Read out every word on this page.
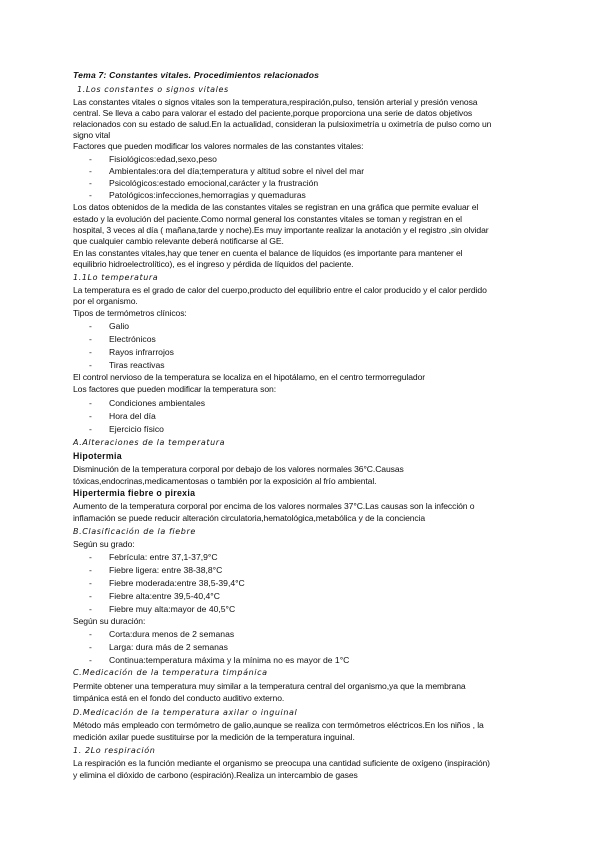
Tema 7: Constantes vitales. Procedimientos relacionados
1.Los constantes o signos vitales
Las constantes vitales o signos vitales son la temperatura,respiración,pulso, tensión arterial y presión venosa
central. Se lleva a cabo para valorar el estado del paciente,porque proporciona una serie de datos objetivos
relacionados con su estado de salud.En la actualidad, consideran la pulsioximetría u oximetría de pulso como un
signo vital
Factores que pueden modificar los valores normales de las constantes vitales:
- Fisiológicos:edad,sexo,peso
- Ambientales:ora del día;temperatura y altitud sobre el nivel del mar
- Psicológicos:estado emocional,carácter y la frustración
- Patológicos:infecciones,hemorragias y quemaduras
Los datos obtenidos de la medida de las constantes vitales se registran en una gráfica que permite evaluar el
estado y la evolución del paciente.Como normal general los constantes vitales se toman y registran en el
hospital, 3 veces al día ( mañana,tarde y noche).Es muy importante realizar la anotación y el registro ,sin olvidar
que cualquier cambio relevante deberá notificarse al GE.
En las constantes vitales,hay que tener en cuenta el balance de líquidos (es importante para mantener el
equilibrio hidroelectrolítico), es el ingreso y pérdida de líquidos del paciente.
1.1Lo temperatura
La temperatura es el grado de calor del cuerpo,producto del equilibrio entre el calor producido y el calor perdido
por el organismo.
Tipos de termómetros clínicos:
- Galio
- Electrónicos
- Rayos infrarrojos
- Tiras reactivas
El control nervioso de la temperatura se localiza en el hipotálamo, en el centro termorregulador
Los factores que pueden modificar la temperatura son:
- Condiciones ambientales
- Hora del día
- Ejercicio físico
A.Alteraciones de la temperatura
Hipotermia
Disminución de la temperatura corporal por debajo de los valores normales 36°C.Causas
tóxicas,endocrinas,medicamentosas o también por la exposición al frío ambiental.
Hipertermia fiebre o pirexia
Aumento de la temperatura corporal por encima de los valores normales 37°C.Las causas son la infección o
inflamación se puede reducir alteración circulatoria,hematológica,metabólica y de la conciencia
B.Clasificación de la fiebre
Según su grado:
- Febrícula: entre 37,1-37,9°C
- Fiebre ligera: entre 38-38,8°C
- Fiebre moderada:entre 38,5-39,4°C
- Fiebre alta:entre 39,5-40,4°C
- Fiebre muy alta:mayor de 40,5°C
Según su duración:
- Corta:dura menos de 2 semanas
- Larga: dura más de 2 semanas
- Continua:temperatura máxima y la mínima no es mayor de 1°C
C.Medicación de la temperatura timpánica
Permite obtener una temperatura muy similar a la temperatura central del organismo,ya que la membrana
timpánica está en el fondo del conducto auditivo externo.
D.Medicación de la temperatura axilar o inguinal
Método más empleado con termómetro de galio,aunque se realiza con termómetros eléctricos.En los niños , la
medición axilar puede sustituirse por la medición de la temperatura inguinal.
1. 2Lo respiración
La respiración es la función mediante el organismo se preocupa una cantidad suficiente de oxígeno (inspiración)
y elimina el dióxido de carbono (espiración).Realiza un intercambio de gases
